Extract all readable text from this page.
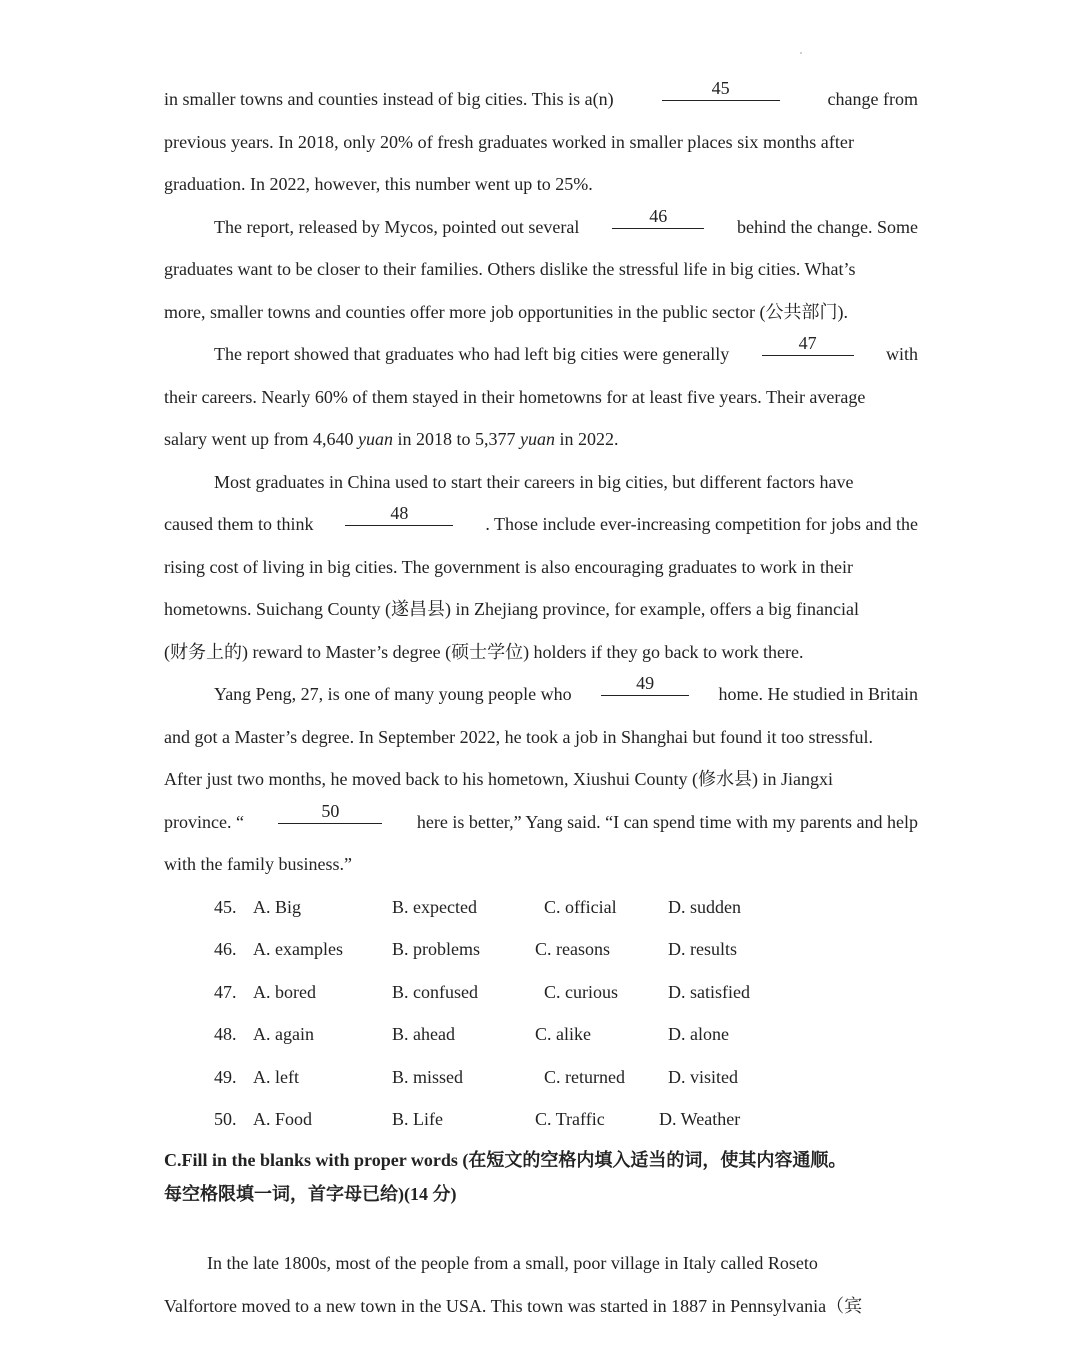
in smaller towns and counties instead of big cities. This is a(n)
45
change from
previous years. In 2018, only 20% of fresh graduates worked in smaller places six months after
graduation. In 2022, however, this number went up to 25%.
The report, released by Mycos, pointed out several
46
behind the change. Some
graduates want to be closer to their families. Others dislike the stressful life in big cities. What’s
more, smaller towns and counties offer more job opportunities in the public sector (公共部门).
The report showed that graduates who had left big cities were generally
47
with
their careers. Nearly 60% of them stayed in their hometowns for at least five years. Their average
salary went up from 4,640 yuan in 2018 to 5,377 yuan in 2022.
Most graduates in China used to start their careers in big cities, but different factors have
caused them to think
48
. Those include ever-increasing competition for jobs and the
rising cost of living in big cities. The government is also encouraging graduates to work in their
hometowns. Suichang County (遂昌县) in Zhejiang province, for example, offers a big financial
(财务上的) reward to Master’s degree (硕士学位) holders if they go back to work there.
Yang Peng, 27, is one of many young people who
49
home. He studied in Britain
and got a Master’s degree. In September 2022, he took a job in Shanghai but found it too stressful.
After just two months, he moved back to his hometown, Xiushui County (修水县) in Jiangxi
province. “
50
here is better,” Yang said. “I can spend time with my parents and help
with the family business.”
45. A. Big	B. expected	C. official	D. sudden
46. A. examples	B. problems	C. reasons	D. results
47. A. bored	B. confused	C. curious	D. satisfied
48. A. again	B. ahead	C. alike	D. alone
49. A. left	B. missed	C. returned D. visited
50. A. Food	B. Life	C. Traffic	D. Weather
C.Fill in the blanks with proper words (在短文的空格内填入适当的词，使其内容通顺。
每空格限填一词，首字母已给)(14 分)
In the late 1800s, most of the people from a small, poor village in Italy called Roseto
Valfortore moved to a new town in the USA. This town was started in 1887 in Pennsylvania（宾
